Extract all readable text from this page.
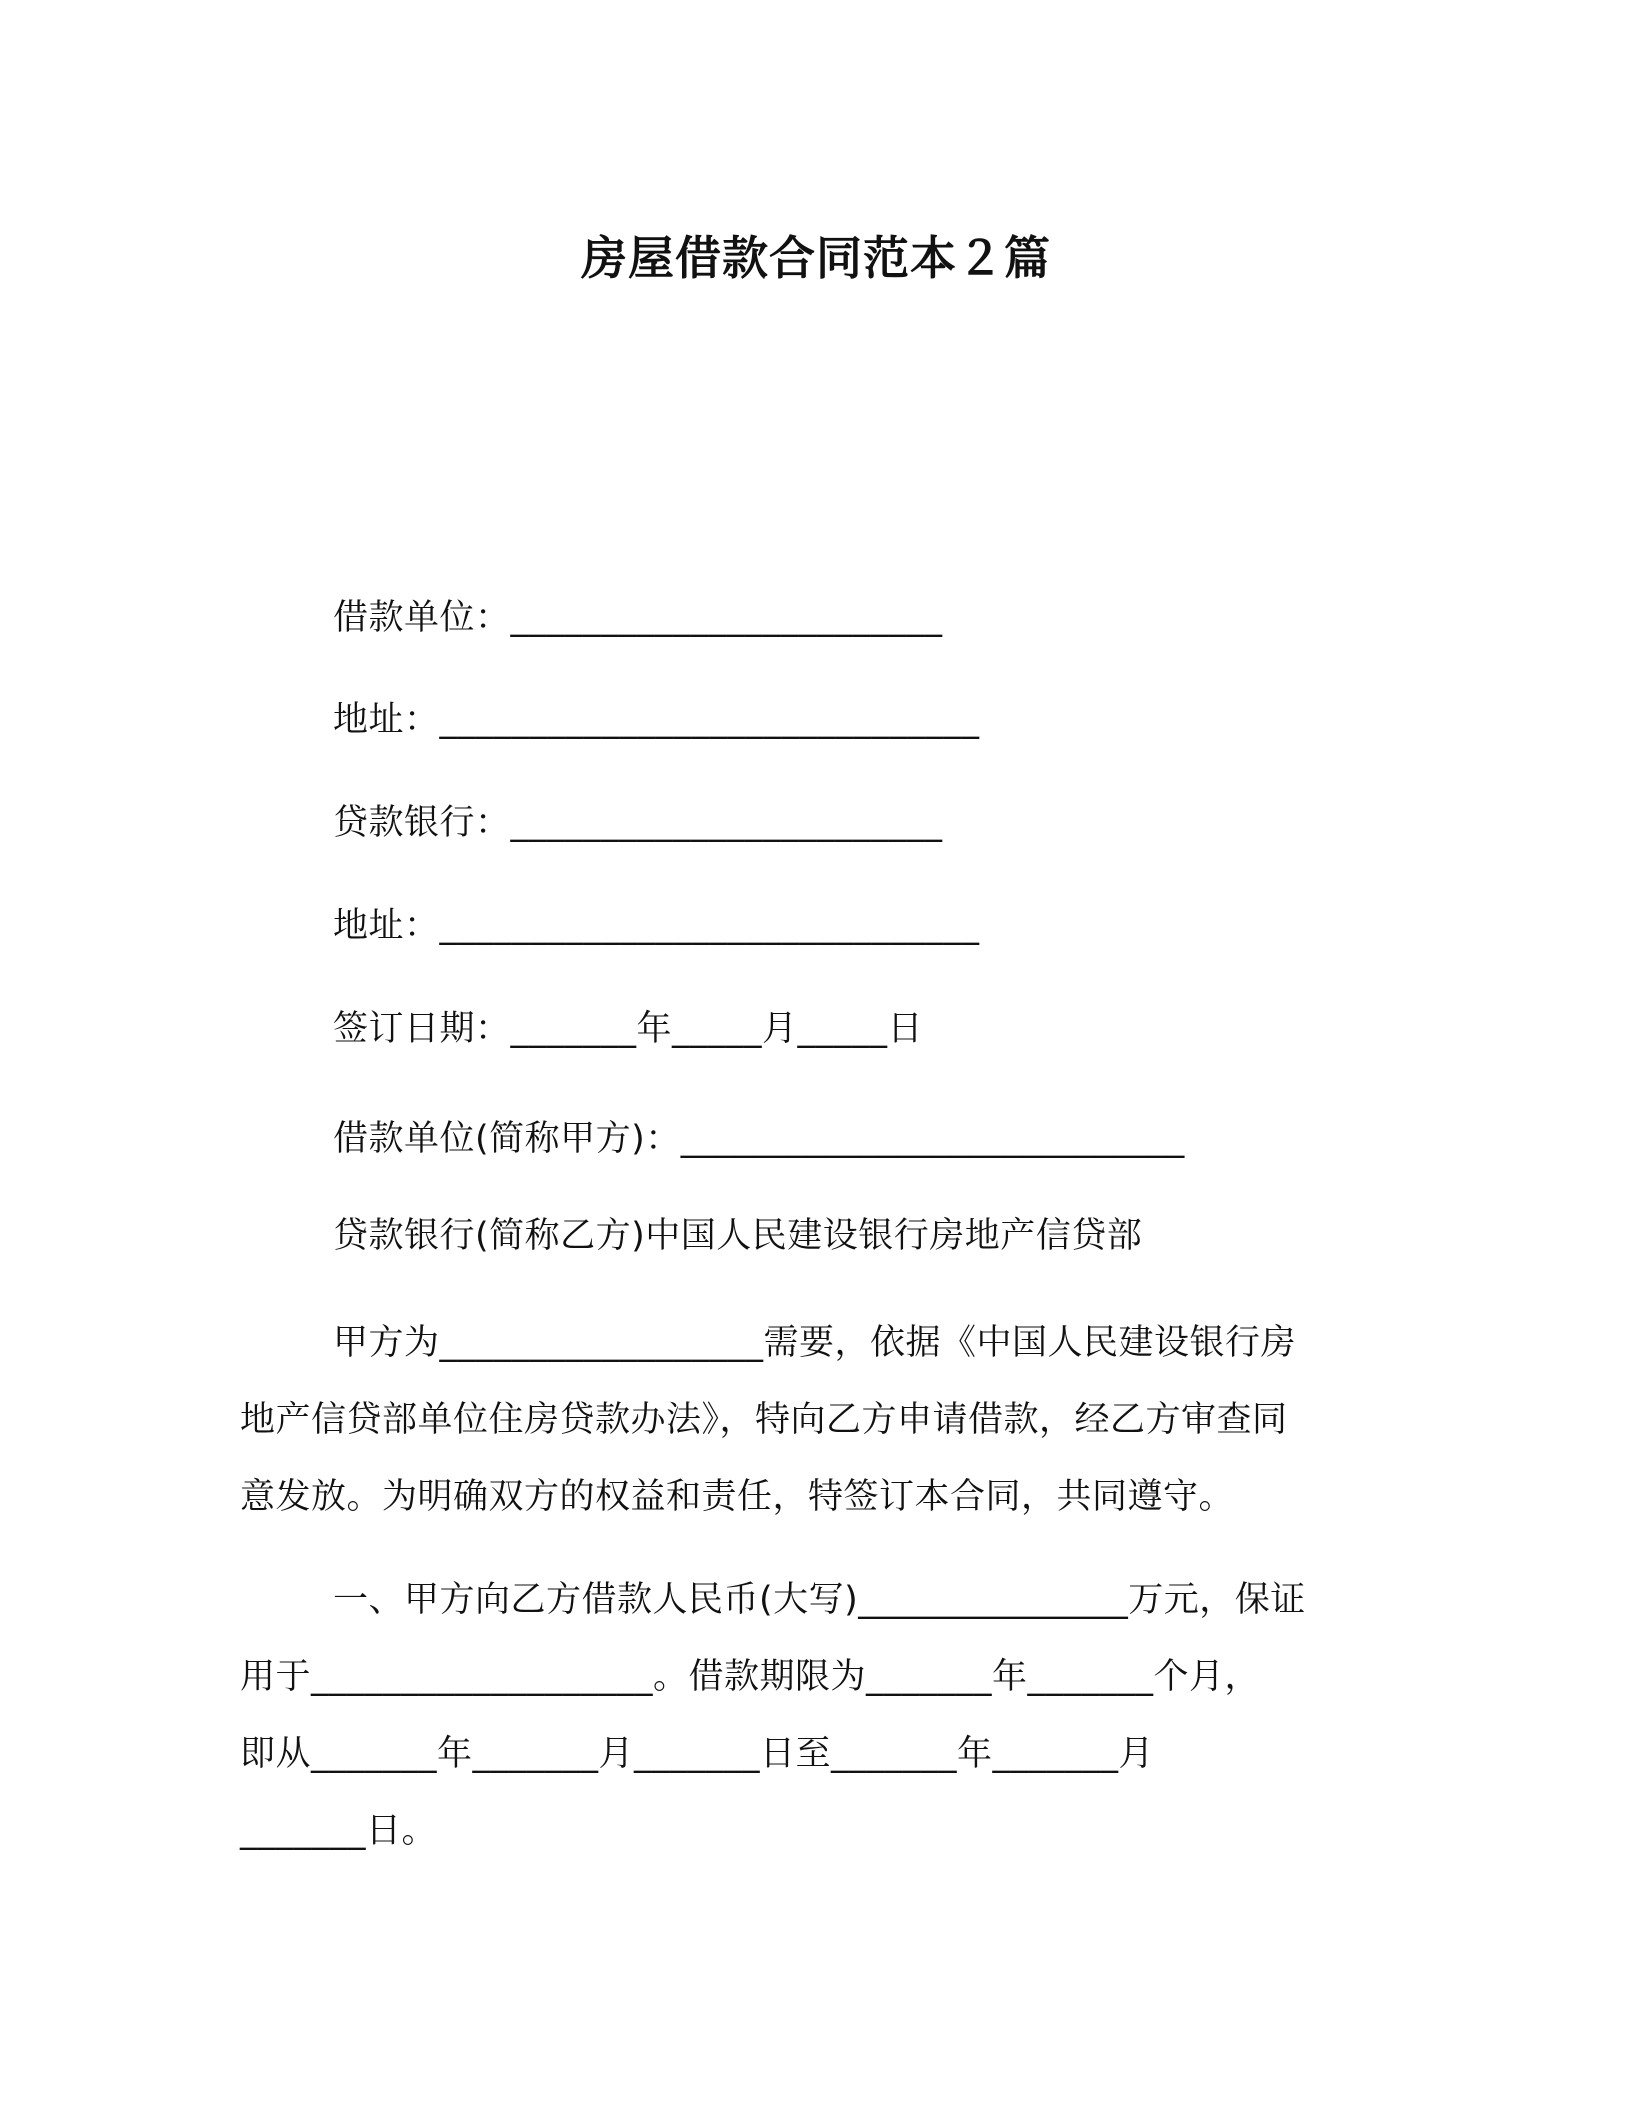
房屋借款合同范本２篇
借款单位：________________________
地址：______________________________
贷款银行：________________________
地址：______________________________
签订日期：_______年_____月_____日
借款单位(简称甲方)：____________________________
贷款银行(简称乙方)中国人民建设银行房地产信贷部
甲方为__________________需要，依据《中国人民建设银行房
地产信贷部单位住房贷款办法》，特向乙方申请借款，经乙方审查同
意发放。为明确双方的权益和责任，特签订本合同，共同遵守。
一、甲方向乙方借款人民币(大写)_______________万元，保证
用于___________________。借款期限为_______年_______个月，
即从_______年_______月_______日至_______年_______月
_______日。
